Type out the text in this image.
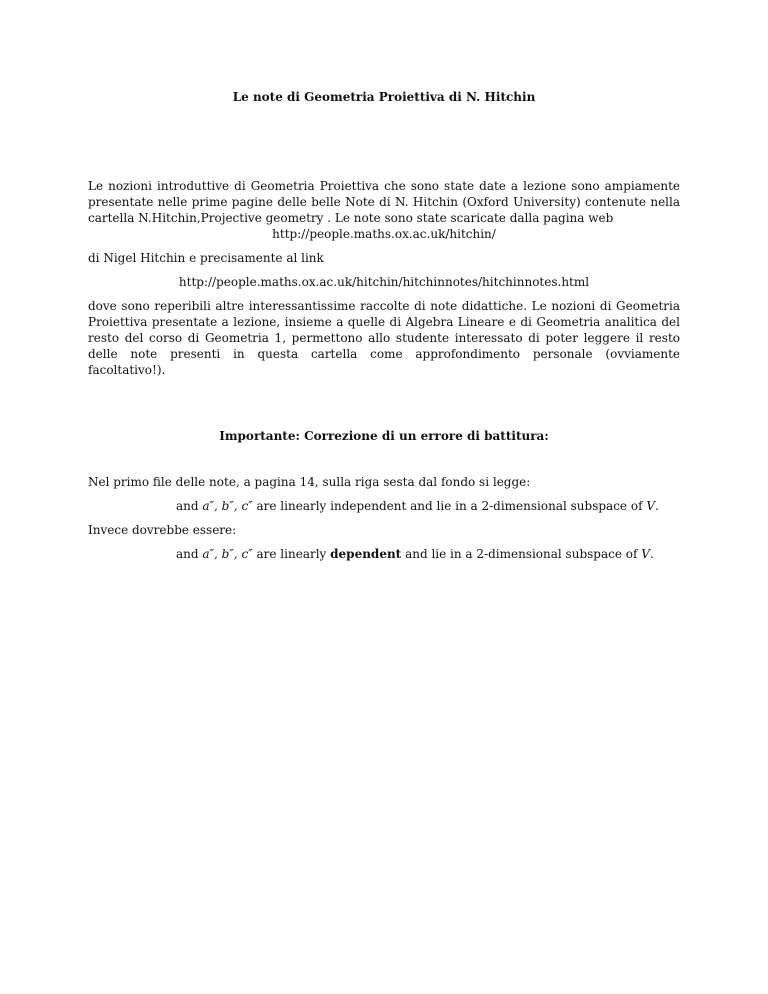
Le note di Geometria Proiettiva di N. Hitchin
Le nozioni introduttive di Geometria Proiettiva che sono state date a lezione sono ampiamente presentate nelle prime pagine delle belle Note di N. Hitchin (Oxford University) contenute nella cartella N.Hitchin,Projective geometry . Le note sono state scaricate dalla pagina web
http://people.maths.ox.ac.uk/hitchin/
di Nigel Hitchin e precisamente al link
http://people.maths.ox.ac.uk/hitchin/hitchinnotes/hitchinnotes.html
dove sono reperibili altre interessantissime raccolte di note didattiche. Le nozioni di Geometria Proiettiva presentate a lezione, insieme a quelle di Algebra Lineare e di Geometria analitica del resto del corso di Geometria 1, permettono allo studente interessato di poter leggere il resto delle note presenti in questa cartella come approfondimento personale (ovviamente facoltativo!).
Importante: Correzione di un errore di battitura:
Nel primo file delle note, a pagina 14, sulla riga sesta dal fondo si legge:
and a″, b″, c″ are linearly independent and lie in a 2-dimensional subspace of V.
Invece dovrebbe essere:
and a″, b″, c″ are linearly dependent and lie in a 2-dimensional subspace of V.
